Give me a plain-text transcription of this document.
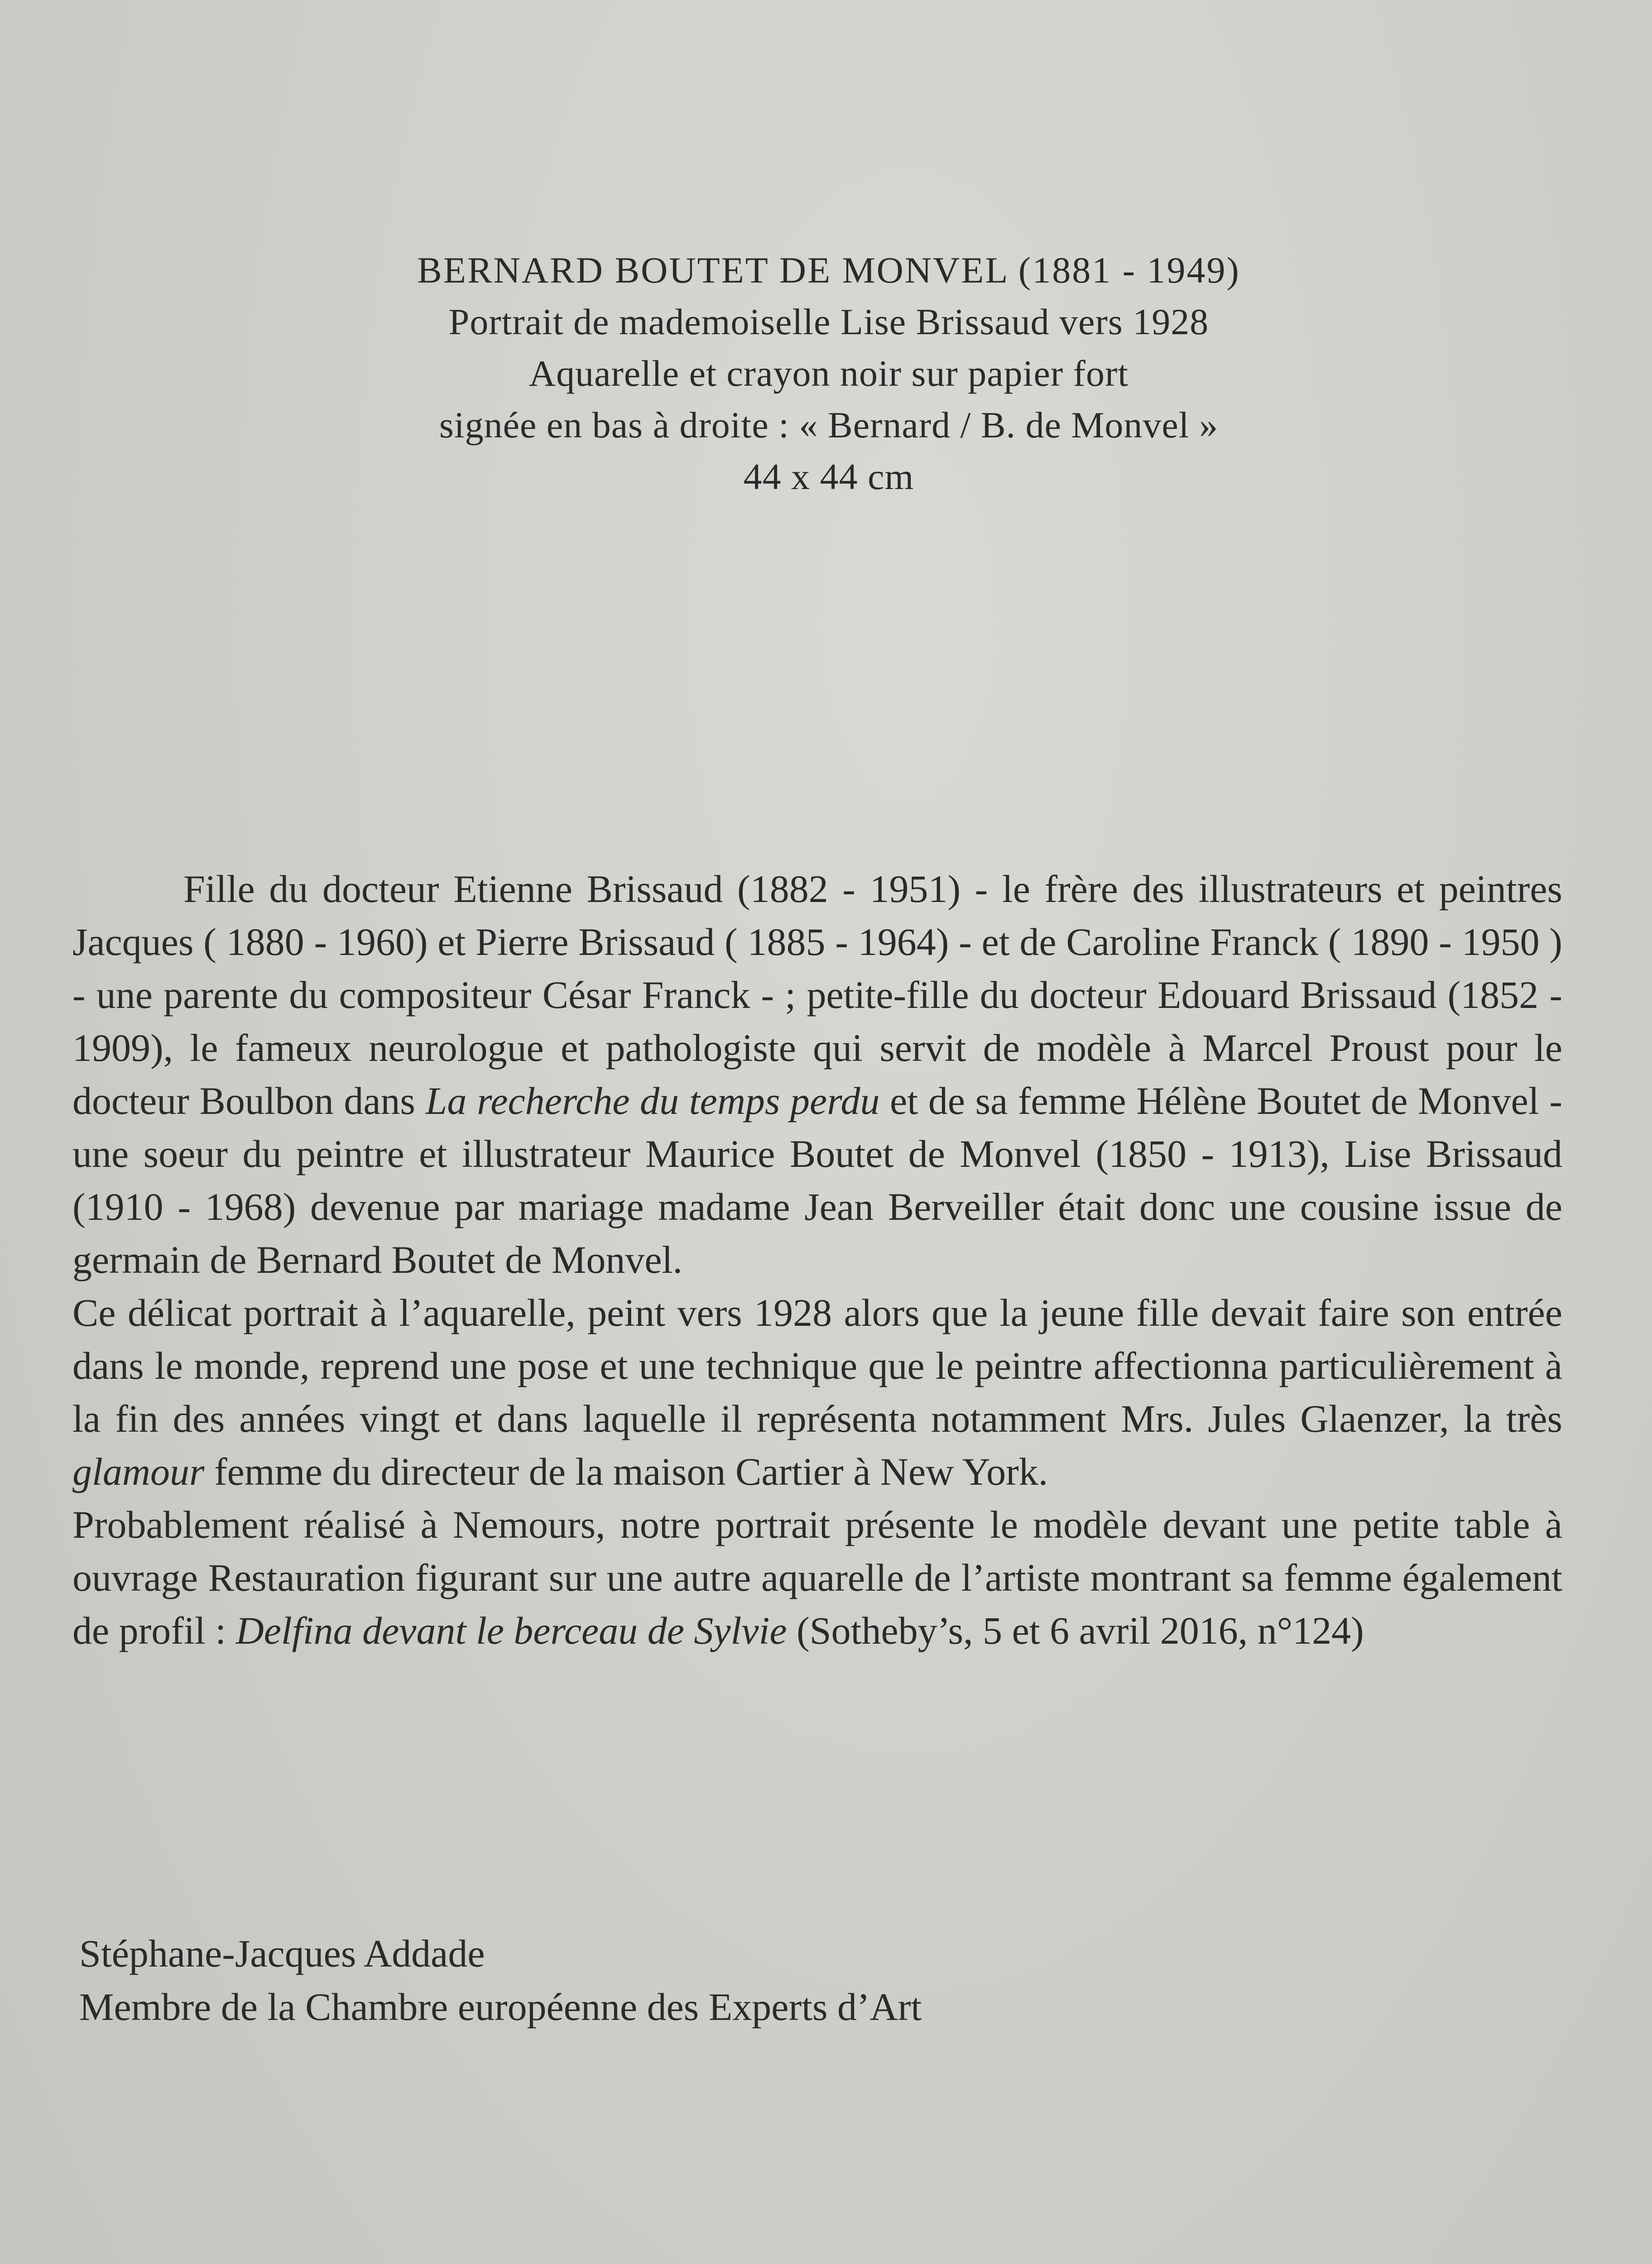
BERNARD BOUTET DE MONVEL (1881 - 1949)
Portrait de mademoiselle Lise Brissaud vers 1928
Aquarelle et crayon noir sur papier fort
signée en bas à droite : « Bernard / B. de Monvel »
44 x 44 cm

Fille du docteur Etienne Brissaud (1882 - 1951) - le frère des illustrateurs et peintres Jacques ( 1880 - 1960) et Pierre Brissaud ( 1885 - 1964) - et de Caroline Franck ( 1890 - 1950 ) - une parente du compositeur César Franck - ; petite-fille du docteur Edouard Brissaud (1852 - 1909), le fameux neurologue et pathologiste qui servit de modèle à Marcel Proust pour le docteur Boulbon dans La recherche du temps perdu et de sa femme Hélène Boutet de Monvel - une soeur du peintre et illustrateur Maurice Boutet de Monvel (1850 - 1913), Lise Brissaud (1910 - 1968) devenue par mariage madame Jean Berveiller était donc une cousine issue de germain de Bernard Boutet de Monvel.

Ce délicat portrait à l’aquarelle, peint vers 1928 alors que la jeune fille devait faire son entrée dans le monde, reprend une pose et une technique que le peintre affectionna particulièrement à la fin des années vingt et dans laquelle il représenta notamment Mrs. Jules Glaenzer, la très glamour femme du directeur de la maison Cartier à New York.

Probablement réalisé à Nemours, notre portrait présente le modèle devant une petite table à ouvrage Restauration figurant sur une autre aquarelle de l’artiste montrant sa femme également de profil : Delfina devant le berceau de Sylvie (Sotheby’s, 5 et 6 avril 2016, n°124)

Stéphane-Jacques Addade
Membre de la Chambre européenne des Experts d’Art
